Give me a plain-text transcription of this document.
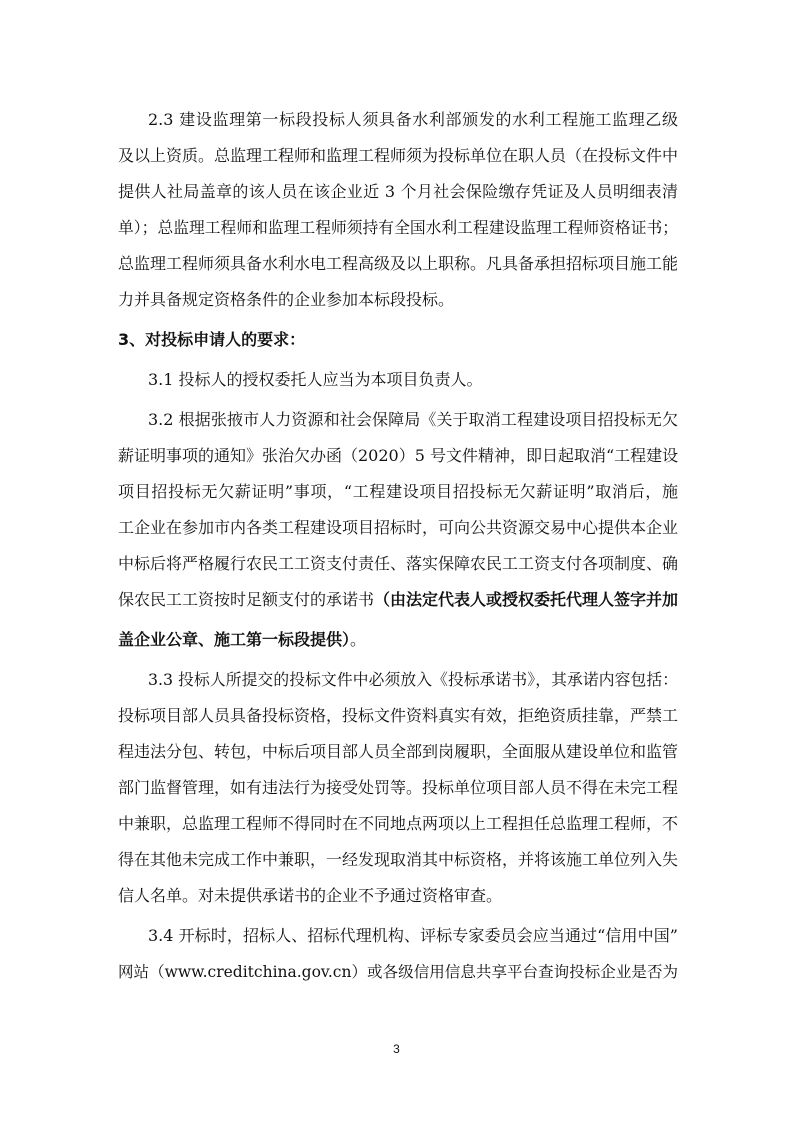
2.3 建设监理第一标段投标人须具备水利部颁发的水利工程施工监理乙级
及以上资质。总监理工程师和监理工程师须为投标单位在职人员（在投标文件中
提供人社局盖章的该人员在该企业近 3 个月社会保险缴存凭证及人员明细表清
单）；总监理工程师和监理工程师须持有全国水利工程建设监理工程师资格证书；
总监理工程师须具备水利水电工程高级及以上职称。凡具备承担招标项目施工能
力并具备规定资格条件的企业参加本标段投标。
3、对投标申请人的要求：
3.1 投标人的授权委托人应当为本项目负责人。
3.2 根据张掖市人力资源和社会保障局《关于取消工程建设项目招投标无欠
薪证明事项的通知》张治欠办函（2020）5 号文件精神，即日起取消“工程建设
项目招投标无欠薪证明”事项，“工程建设项目招投标无欠薪证明”取消后，施
工企业在参加市内各类工程建设项目招标时，可向公共资源交易中心提供本企业
中标后将严格履行农民工工资支付责任、落实保障农民工工资支付各项制度、确
保农民工工资按时足额支付的承诺书（由法定代表人或授权委托代理人签字并加
盖企业公章、施工第一标段提供）。
3.3 投标人所提交的投标文件中必须放入《投标承诺书》，其承诺内容包括：
投标项目部人员具备投标资格，投标文件资料真实有效，拒绝资质挂靠，严禁工
程违法分包、转包，中标后项目部人员全部到岗履职，全面服从建设单位和监管
部门监督管理，如有违法行为接受处罚等。投标单位项目部人员不得在未完工程
中兼职，总监理工程师不得同时在不同地点两项以上工程担任总监理工程师，不
得在其他未完成工作中兼职，一经发现取消其中标资格，并将该施工单位列入失
信人名单。对未提供承诺书的企业不予通过资格审查。
3.4 开标时，招标人、招标代理机构、评标专家委员会应当通过“信用中国”
网站（www.creditchina.gov.cn）或各级信用信息共享平台查询投标企业是否为
3
